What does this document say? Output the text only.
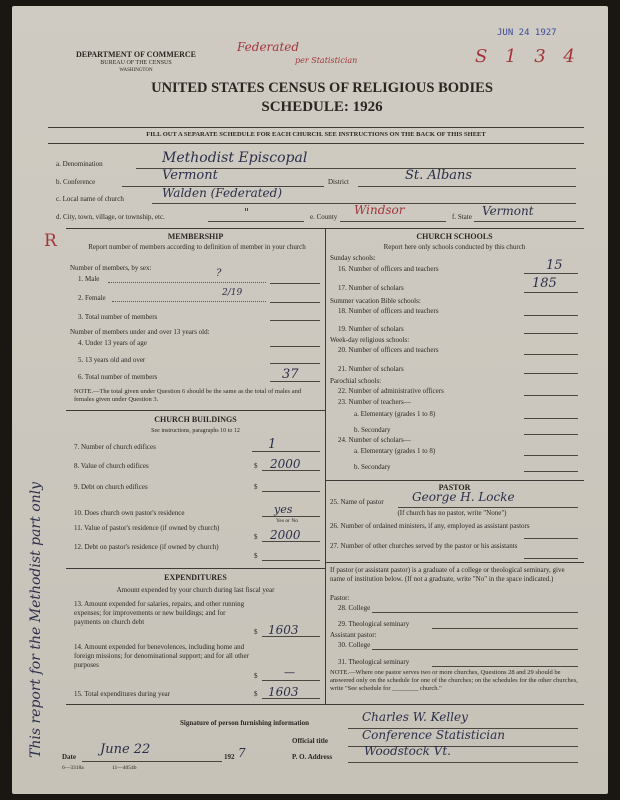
DEPARTMENT OF COMMERCE
BUREAU OF THE CENSUS
WASHINGTON
Federated
per Statistician
JUN 24 1927
S 1 3 4
UNITED STATES CENSUS OF RELIGIOUS BODIES
SCHEDULE: 1926
FILL OUT A SEPARATE SCHEDULE FOR EACH CHURCH. SEE INSTRUCTIONS ON THE BACK OF THIS SHEET
a. Denomination	Methodist Episcopal
b. Conference	Vermont	District	St. Albans
c. Local name of church	Walden (Federated)
d. City, town, village, or township, etc.	"	e. County Windsor	f. State Vermont
R
This report for the Methodist part only
MEMBERSHIP
Report number of members according to definition of member in your church
Number of members, by sex:
1. Male	?
2. Female	2/19
3. Total number of members
Number of members under and over 13 years old:
4. Under 13 years of age
5. 13 years old and over
6. Total number of members	37
NOTE.—The total given under Question 6 should be the same as the total of males and females given under Question 3.
CHURCH BUILDINGS
See instructions, paragraphs 10 to 12
7. Number of church edifices	1
8. Value of church edifices	$ 2000
9. Debt on church edifices	$
10. Does church own pastor's residence	yes
Yes or No
11. Value of pastor's residence (if owned by church)
$ 2000
12. Debt on pastor's residence (if owned by church)
$
EXPENDITURES
Amount expended by your church during last fiscal year
13. Amount expended for salaries, repairs, and other running expenses; for improvements or new buildings; and for payments on church debt
$ 1603
14. Amount expended for benevolences, including home and foreign missions; for denominational support; and for all other purposes
$ —
15. Total expenditures during year	$ 1603
CHURCH SCHOOLS
Report here only schools conducted by this church
Sunday schools:
16. Number of officers and teachers	15
17. Number of scholars	185
Summer vacation Bible schools:
18. Number of officers and teachers
19. Number of scholars
Week-day religious schools:
20. Number of officers and teachers
21. Number of scholars
Parochial schools:
22. Number of administrative officers
23. Number of teachers—
a. Elementary (grades 1 to 8)
b. Secondary
24. Number of scholars—
a. Elementary (grades 1 to 8)
b. Secondary
PASTOR
25. Name of pastor George H. Locke
(If church has no pastor, write "None")
26. Number of ordained ministers, if any, employed as assistant pastors
27. Number of other churches served by the pastor or his assistants
If pastor (or assistant pastor) is a graduate of a college or theological seminary, give name of institution below. (If not a graduate, write "No" in the space indicated.)
Pastor:
28. College
29. Theological seminary
Assistant pastor:
30. College
31. Theological seminary
NOTE.—Where one pastor serves two or more churches, Questions 28 and 29 should be answered only on the schedule for one of the churches; on the schedules for the other churches, write "See schedule for ________ church."
Signature of person furnishing information	Charles W. Kelley
Official title	Conference Statistician
Date June 22	192 7	P. O. Address	Woodstock Vt.
6—3318a	11—4054b
